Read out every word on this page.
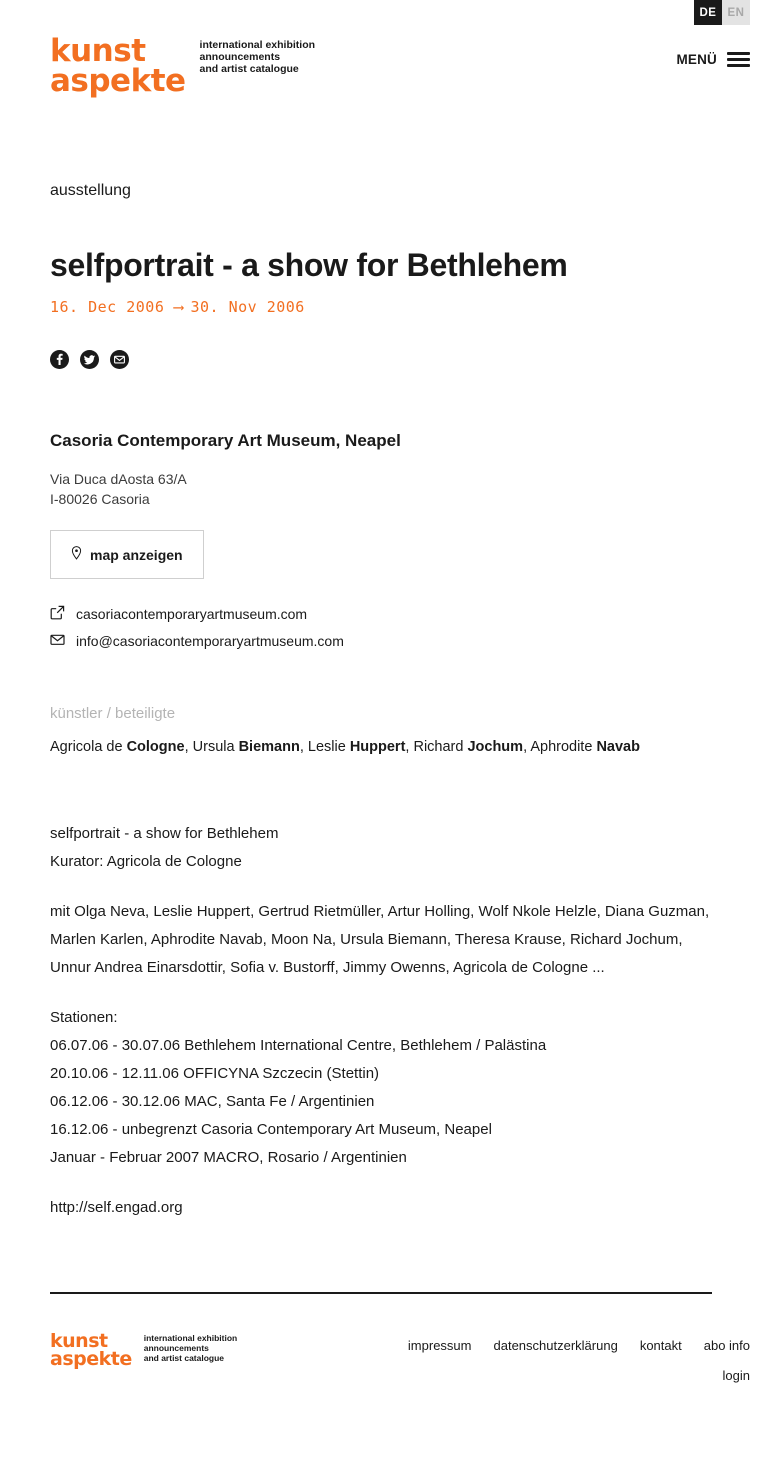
DE EN
kunst
aspekte
international exhibition
announcements
and artist catalogue
MENÜ
ausstellung
selfportrait - a show for Bethlehem
16. Dec 2006 ⟶ 30. Nov 2006
Casoria Contemporary Art Museum, Neapel
Via Duca dAosta 63/A
I-80026 Casoria
map anzeigen
casoriacontemporaryartmuseum.com
info@casoriacontemporaryartmuseum.com
künstler / beteiligte
Agricola de Cologne, Ursula Biemann, Leslie Huppert, Richard Jochum, Aphrodite Navab

selfportrait - a show for Bethlehem
Kurator: Agricola de Cologne

mit Olga Neva, Leslie Huppert, Gertrud Rietmüller, Artur Holling, Wolf Nkole Helzle, Diana Guzman, Marlen Karlen, Aphrodite Navab, Moon Na, Ursula Biemann, Theresa Krause, Richard Jochum, Unnur Andrea Einarsdottir, Sofia v. Bustorff, Jimmy Owenns, Agricola de Cologne ...

Stationen:
06.07.06 - 30.07.06 Bethlehem International Centre, Bethlehem / Palästina
20.10.06 - 12.11.06 OFFICYNA Szczecin (Stettin)
06.12.06 - 30.12.06 MAC, Santa Fe / Argentinien
16.12.06 - unbegrenzt Casoria Contemporary Art Museum, Neapel
Januar - Februar 2007 MACRO, Rosario / Argentinien

http://self.engad.org

kunst
aspekte
international exhibition
announcements
and artist catalogue
impressum datenschutzerklärung kontakt abo info
login
